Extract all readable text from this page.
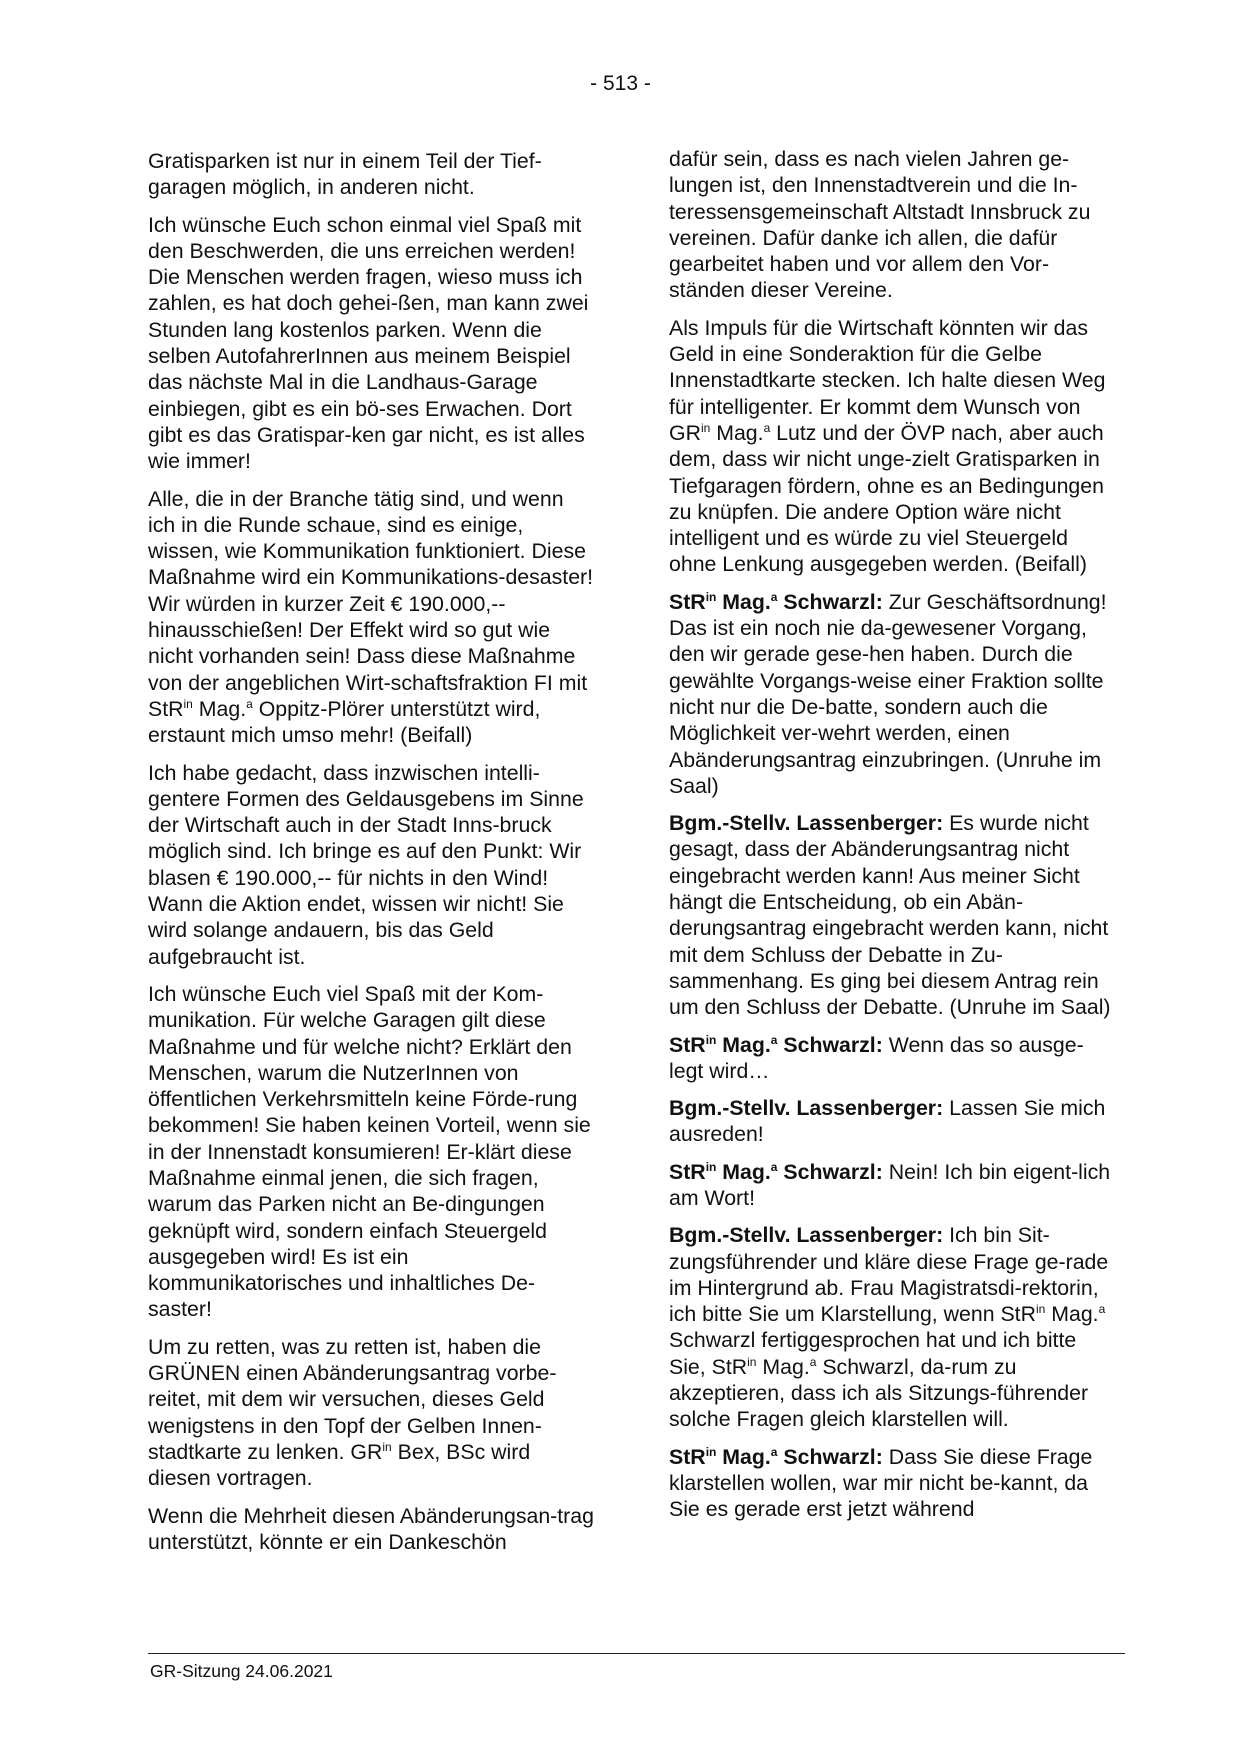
- 513 -

Gratisparken ist nur in einem Teil der Tief-garagen möglich, in anderen nicht.

Ich wünsche Euch schon einmal viel Spaß mit den Beschwerden, die uns erreichen werden! Die Menschen werden fragen, wieso muss ich zahlen, es hat doch gehei-ßen, man kann zwei Stunden lang kostenlos parken. Wenn die selben AutofahrerInnen aus meinem Beispiel das nächste Mal in die Landhaus-Garage einbiegen, gibt es ein bö-ses Erwachen. Dort gibt es das Gratispar-ken gar nicht, es ist alles wie immer!

Alle, die in der Branche tätig sind, und wenn ich in die Runde schaue, sind es einige, wissen, wie Kommunikation funktioniert. Diese Maßnahme wird ein Kommunikations-desaster! Wir würden in kurzer Zeit € 190.000,-- hinausschießen! Der Effekt wird so gut wie nicht vorhanden sein! Dass diese Maßnahme von der angeblichen Wirt-schaftsfraktion FI mit StR$^{in}$ Mag.$^a$ Oppitz-Plörer unterstützt wird, erstaunt mich umso mehr! (Beifall)

Ich habe gedacht, dass inzwischen intelli-gentere Formen des Geldausgebens im Sinne der Wirtschaft auch in der Stadt Inns-bruck möglich sind. Ich bringe es auf den Punkt: Wir blasen € 190.000,-- für nichts in den Wind! Wann die Aktion endet, wissen wir nicht! Sie wird solange andauern, bis das Geld aufgebraucht ist.

Ich wünsche Euch viel Spaß mit der Kom-munikation. Für welche Garagen gilt diese Maßnahme und für welche nicht? Erklärt den Menschen, warum die NutzerInnen von öffentlichen Verkehrsmitteln keine Förde-rung bekommen! Sie haben keinen Vorteil, wenn sie in der Innenstadt konsumieren! Er-klärt diese Maßnahme einmal jenen, die sich fragen, warum das Parken nicht an Be-dingungen geknüpft wird, sondern einfach Steuergeld ausgegeben wird! Es ist ein kommunikatorisches und inhaltliches De-saster!

Um zu retten, was zu retten ist, haben die GRÜNEN einen Abänderungsantrag vorbe-reitet, mit dem wir versuchen, dieses Geld wenigstens in den Topf der Gelben Innen-stadtkarte zu lenken. $GR^{in}$ Bex, BSc wird diesen vortragen.

Wenn die Mehrheit diesen Abänderungsan-trag unterstützt, könnte er ein Dankeschön

dafür sein, dass es nach vielen Jahren ge-lungen ist, den Innenstadtverein und die In-teressensgemeinschaft Altstadt Innsbruck zu vereinen. Dafür danke ich allen, die dafür gearbeitet haben und vor allem den Vor-ständen dieser Vereine.

Als Impuls für die Wirtschaft könnten wir das Geld in eine Sonderaktion für die Gelbe Innenstadtkarte stecken. Ich halte diesen Weg für intelligenter. Er kommt dem Wunsch von $GR^{in}$ Mag.$^a$ Lutz und der ÖVP nach, aber auch dem, dass wir nicht unge-zielt Gratisparken in Tiefgaragen fördern, ohne es an Bedingungen zu knüpfen. Die andere Option wäre nicht intelligent und es würde zu viel Steuergeld ohne Lenkung ausgegeben werden. (Beifall)

StR$^{in}$ Mag.$^a$ Schwarzl: Zur Geschäftsordnung! Das ist ein noch nie da-gewesener Vorgang, den wir gerade gese-hen haben. Durch die gewählte Vorgangs-weise einer Fraktion sollte nicht nur die De-batte, sondern auch die Möglichkeit ver-wehrt werden, einen Abänderungsantrag einzubringen. (Unruhe im Saal)

Bgm.-Stellv. Lassenberger: Es wurde nicht gesagt, dass der Abänderungsantrag nicht eingebracht werden kann! Aus meiner Sicht hängt die Entscheidung, ob ein Abän-derungsantrag eingebracht werden kann, nicht mit dem Schluss der Debatte in Zu-sammenhang. Es ging bei diesem Antrag rein um den Schluss der Debatte. (Unruhe im Saal)

StR$^{in}$ Mag.$^a$ Schwarzl: Wenn das so ausge-legt wird…

Bgm.-Stellv. Lassenberger: Lassen Sie mich ausreden!

StR$^{in}$ Mag.$^a$ Schwarzl: Nein! Ich bin eigent-lich am Wort!

Bgm.-Stellv. Lassenberger: Ich bin Sit-zungsführender und kläre diese Frage ge-rade im Hintergrund ab. Frau Magistratsdi-rektorin, ich bitte Sie um Klarstellung, wenn StR$^{in}$ Mag.$^a$ Schwarzl fertiggesprochen hat und ich bitte Sie, StR$^{in}$ Mag.$^a$ Schwarzl, da-rum zu akzeptieren, dass ich als Sitzungs-führender solche Fragen gleich klarstellen will.

StR$^{in}$ Mag.$^a$ Schwarzl: Dass Sie diese Frage klarstellen wollen, war mir nicht be-kannt, da Sie es gerade erst jetzt während

GR-Sitzung 24.06.2021
